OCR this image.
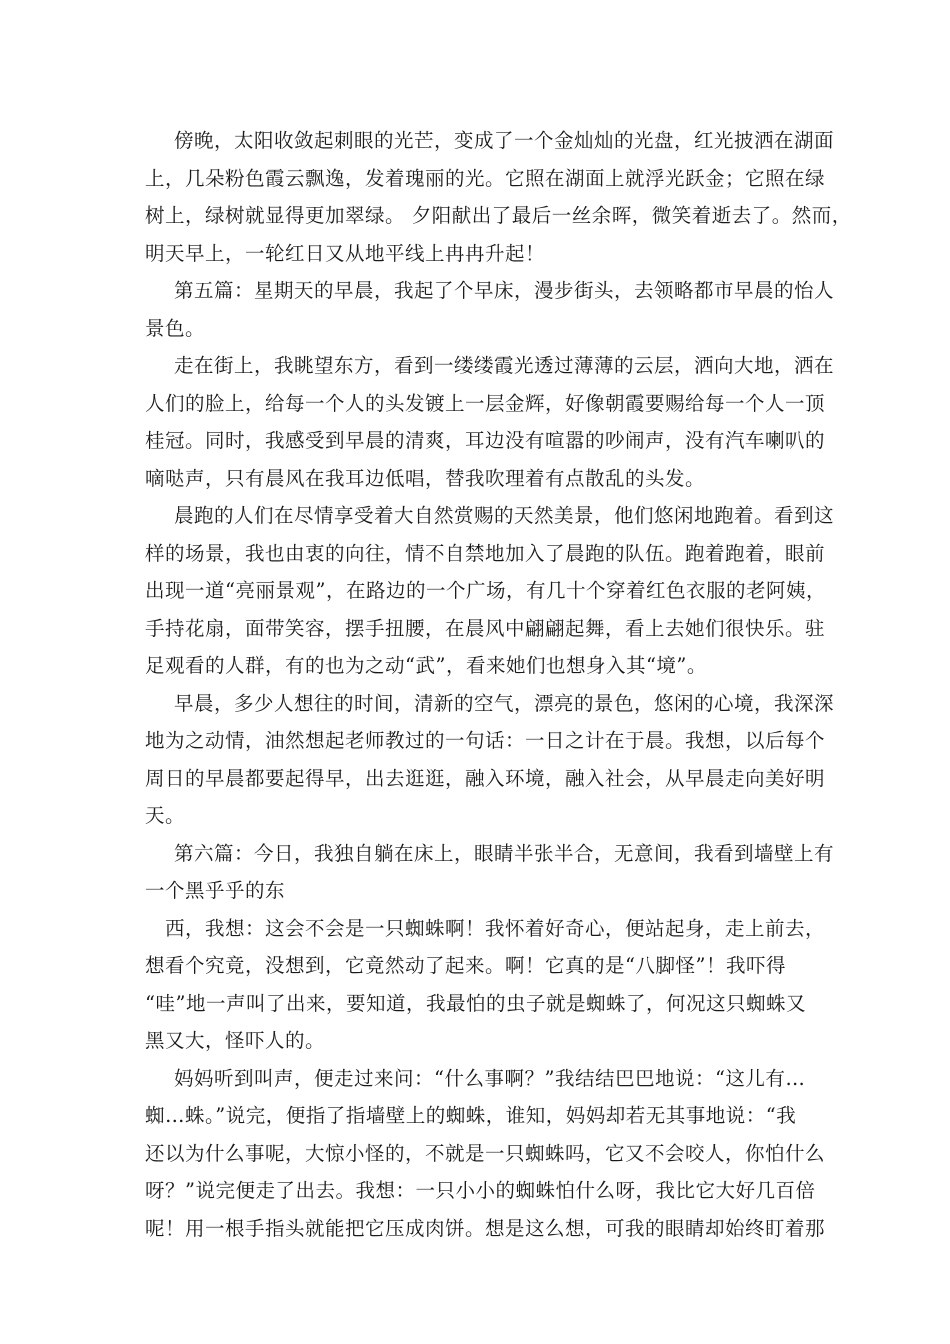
傍晚，太阳收敛起刺眼的光芒，变成了一个金灿灿的光盘，红光披洒在湖面
上，几朵粉色霞云飘逸，发着瑰丽的光。它照在湖面上就浮光跃金；它照在绿
树上，绿树就显得更加翠绿。 夕阳献出了最后一丝余晖，微笑着逝去了。然而，
明天早上，一轮红日又从地平线上冉冉升起！
第五篇：星期天的早晨，我起了个早床，漫步街头，去领略都市早晨的怡人
景色。
走在街上，我眺望东方，看到一缕缕霞光透过薄薄的云层，洒向大地，洒在
人们的脸上，给每一个人的头发镀上一层金辉，好像朝霞要赐给每一个人一顶
桂冠。同时，我感受到早晨的清爽，耳边没有喧嚣的吵闹声，没有汽车喇叭的
嘀哒声，只有晨风在我耳边低唱，替我吹理着有点散乱的头发。
晨跑的人们在尽情享受着大自然赏赐的天然美景，他们悠闲地跑着。看到这
样的场景，我也由衷的向往，情不自禁地加入了晨跑的队伍。跑着跑着，眼前
出现一道“亮丽景观”，在路边的一个广场，有几十个穿着红色衣服的老阿姨，
手持花扇，面带笑容，摆手扭腰，在晨风中翩翩起舞，看上去她们很快乐。驻
足观看的人群，有的也为之动“武”，看来她们也想身入其“境”。
早晨，多少人想往的时间，清新的空气，漂亮的景色，悠闲的心境，我深深
地为之动情，油然想起老师教过的一句话：一日之计在于晨。我想，以后每个
周日的早晨都要起得早，出去逛逛，融入环境，融入社会，从早晨走向美好明
天。
第六篇：今日，我独自躺在床上，眼睛半张半合，无意间，我看到墙壁上有
一个黑乎乎的东
西，我想：这会不会是一只蜘蛛啊！我怀着好奇心，便站起身，走上前去，
想看个究竟，没想到，它竟然动了起来。啊！它真的是“八脚怪”！我吓得
“哇”地一声叫了出来，要知道，我最怕的虫子就是蜘蛛了，何况这只蜘蛛又
黑又大，怪吓人的。
妈妈听到叫声，便走过来问：“什么事啊？”我结结巴巴地说：“这儿有…
蜘…蛛。”说完，便指了指墙壁上的蜘蛛，谁知，妈妈却若无其事地说：“我
还以为什么事呢，大惊小怪的，不就是一只蜘蛛吗，它又不会咬人，你怕什么
呀？”说完便走了出去。我想：一只小小的蜘蛛怕什么呀，我比它大好几百倍
呢！用一根手指头就能把它压成肉饼。想是这么想，可我的眼睛却始终盯着那
